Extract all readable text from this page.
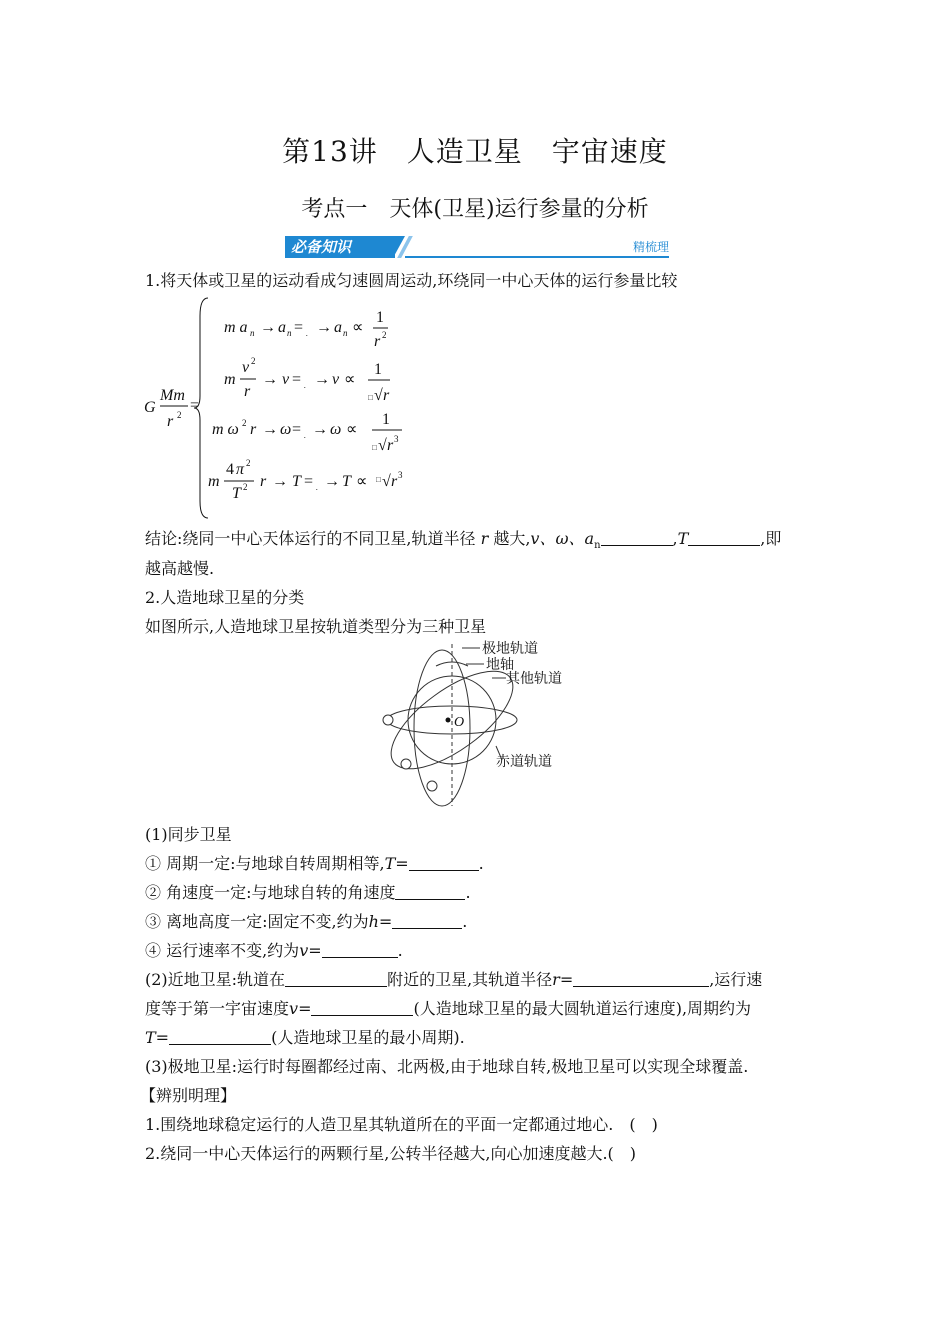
第13讲　人造卫星　宇宙速度
考点一　天体(卫星)运行参量的分析
必备知识	精梳理
1.将天体或卫星的运动看成匀速圆周运动,环绕同一中心天体的运行参量比较
G
Mm
r 2
=
m a n → a n = . → a n ∝
1
r 2
m
v 2
r
→ v = . → v ∝
1
□ √ r
m ω 2 r → ω = . → ω ∝
1
□ √ r 3
m
4 π 2
T 2 r → T = . → T ∝ □ √ r 3
结论:绕同一中心天体运行的不同卫星,轨道半径 r 越大,v、ω、$a_n$	,T	,即
越高越慢.
2.人造地球卫星的分类
如图所示,人造地球卫星按轨道类型分为三种卫星
O
极地轨道
地轴
其他轨道
赤道轨道
(1)同步卫星
① 周期一定:与地球自转周期相等,T=	.
② 角速度一定:与地球自转的角速度	.
③ 离地高度一定:固定不变,约为h=	.
④ 运行速率不变,约为v=	.
(2)近地卫星:轨道在	附近的卫星,其轨道半径r=	,运行速
度等于第一宇宙速度v=	(人造地球卫星的最大圆轨道运行速度),周期约为
T=	(人造地球卫星的最小周期).
(3)极地卫星:运行时每圈都经过南、北两极,由于地球自转,极地卫星可以实现全球覆盖.
【辨别明理】
1.围绕地球稳定运行的人造卫星其轨道所在的平面一定都通过地心.　(　)
2.绕同一中心天体运行的两颗行星,公转半径越大,向心加速度越大.(　)
